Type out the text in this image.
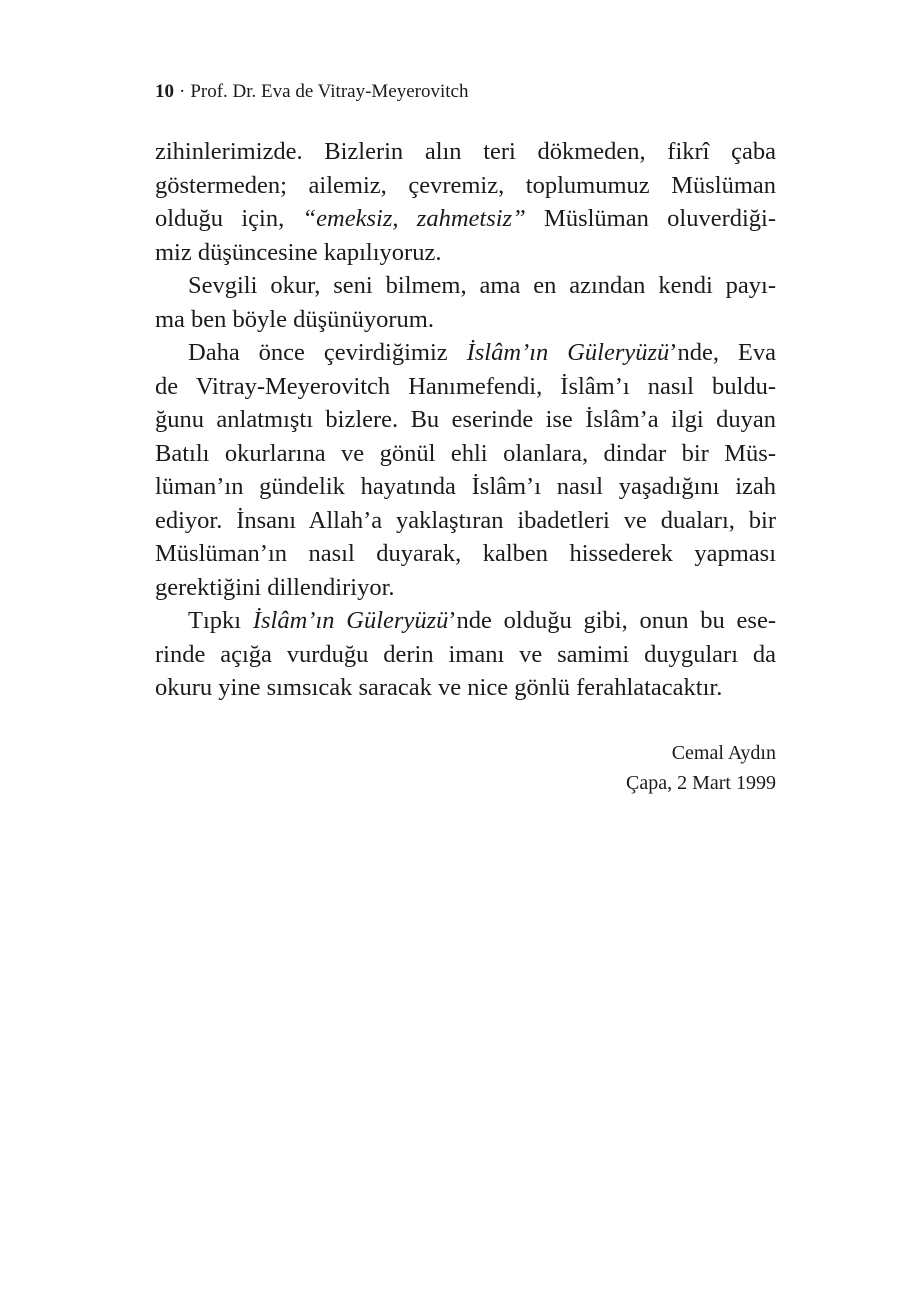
10 · Prof. Dr. Eva de Vitray-Meyerovitch
zihinlerimizde. Bizlerin alın teri dökmeden, fikrî çaba
göstermeden; ailemiz, çevremiz, toplumumuz Müslüman
olduğu için, “emeksiz, zahmetsiz” Müslüman oluverdiği-
miz düşüncesine kapılıyoruz.
Sevgili okur, seni bilmem, ama en azından kendi payı-
ma ben böyle düşünüyorum.
Daha önce çevirdiğimiz İslâm’ın Güleryüzü’nde, Eva
de Vitray-Meyerovitch Hanımefendi, İslâm’ı nasıl buldu-
ğunu anlatmıştı bizlere. Bu eserinde ise İslâm’a ilgi duyan
Batılı okurlarına ve gönül ehli olanlara, dindar bir Müs-
lüman’ın gündelik hayatında İslâm’ı nasıl yaşadığını izah
ediyor. İnsanı Allah’a yaklaştıran ibadetleri ve duaları, bir
Müslüman’ın nasıl duyarak, kalben hissederek yapması
gerektiğini dillendiriyor.
Tıpkı İslâm’ın Güleryüzü’nde olduğu gibi, onun bu ese-
rinde açığa vurduğu derin imanı ve samimi duyguları da
okuru yine sımsıcak saracak ve nice gönlü ferahlatacaktır.
Cemal Aydın
Çapa, 2 Mart 1999
